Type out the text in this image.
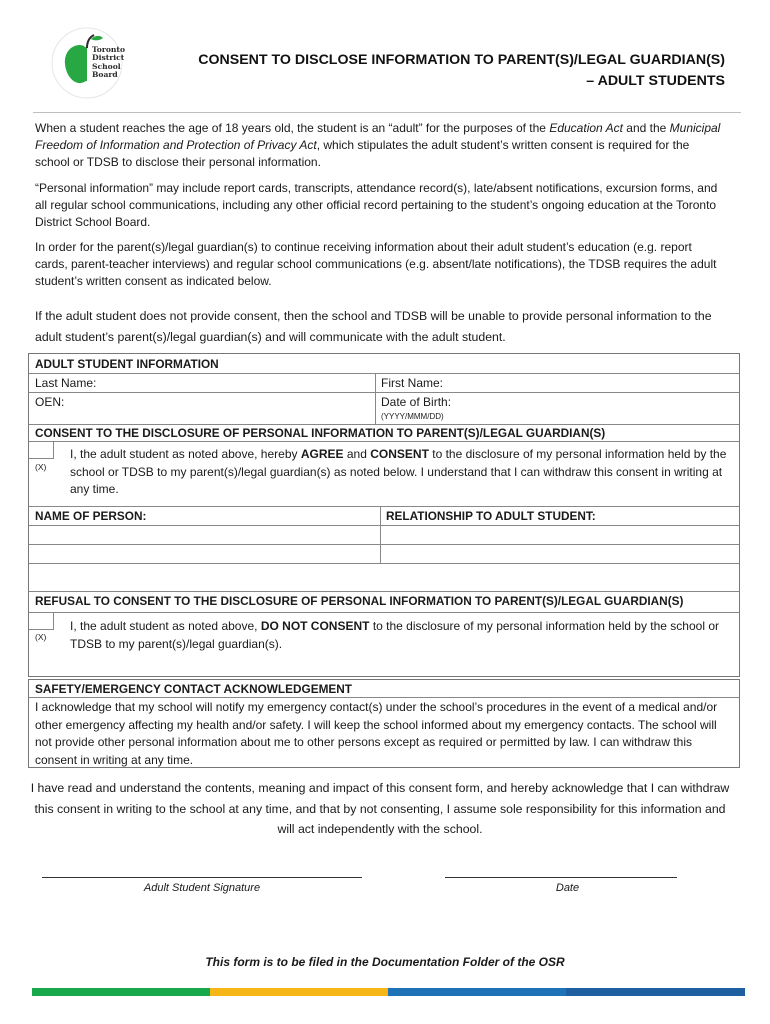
Toronto
District
School
Board
CONSENT TO DISCLOSE INFORMATION TO PARENT(S)/LEGAL GUARDIAN(S)
– ADULT STUDENTS

When a student reaches the age of 18 years old, the student is an “adult” for the purposes of the Education Act and the Municipal Freedom of Information and Protection of Privacy Act, which stipulates the adult student’s written consent is required for the school or TDSB to disclose their personal information.

“Personal information” may include report cards, transcripts, attendance record(s), late/absent notifications, excursion forms, and all regular school communications, including any other official record pertaining to the student’s ongoing education at the Toronto District School Board.

In order for the parent(s)/legal guardian(s) to continue receiving information about their adult student’s education (e.g. report cards, parent-teacher interviews) and regular school communications (e.g. absent/late notifications), the TDSB requires the adult student’s written consent as indicated below.

If the adult student does not provide consent, then the school and TDSB will be unable to provide personal information to the adult student’s parent(s)/legal guardian(s) and will communicate with the adult student.

ADULT STUDENT INFORMATION
Last Name:	First Name:
OEN:	Date of Birth:
(YYYY/MMM/DD)
CONSENT TO THE DISCLOSURE OF PERSONAL INFORMATION TO PARENT(S)/LEGAL GUARDIAN(S)
(X)
I, the adult student as noted above, hereby AGREE and CONSENT to the disclosure of my personal information held by the school or TDSB to my parent(s)/legal guardian(s) as noted below. I understand that I can withdraw this consent in writing at any time.
NAME OF PERSON:	RELATIONSHIP TO ADULT STUDENT:
REFUSAL TO CONSENT TO THE DISCLOSURE OF PERSONAL INFORMATION TO PARENT(S)/LEGAL GUARDIAN(S)
(X)
I, the adult student as noted above, DO NOT CONSENT to the disclosure of my personal information held by the school or TDSB to my parent(s)/legal guardian(s).
SAFETY/EMERGENCY CONTACT ACKNOWLEDGEMENT
I acknowledge that my school will notify my emergency contact(s) under the school’s procedures in the event of a medical and/or other emergency affecting my health and/or safety. I will keep the school informed about my emergency contacts. The school will not provide other personal information about me to other persons except as required or permitted by law. I can withdraw this consent in writing at any time.
I have read and understand the contents, meaning and impact of this consent form, and hereby acknowledge that I can withdraw this consent in writing to the school at any time, and that by not consenting, I assume sole responsibility for this information and will act independently with the school.
Adult Student Signature	Date
This form is to be filed in the Documentation Folder of the OSR
